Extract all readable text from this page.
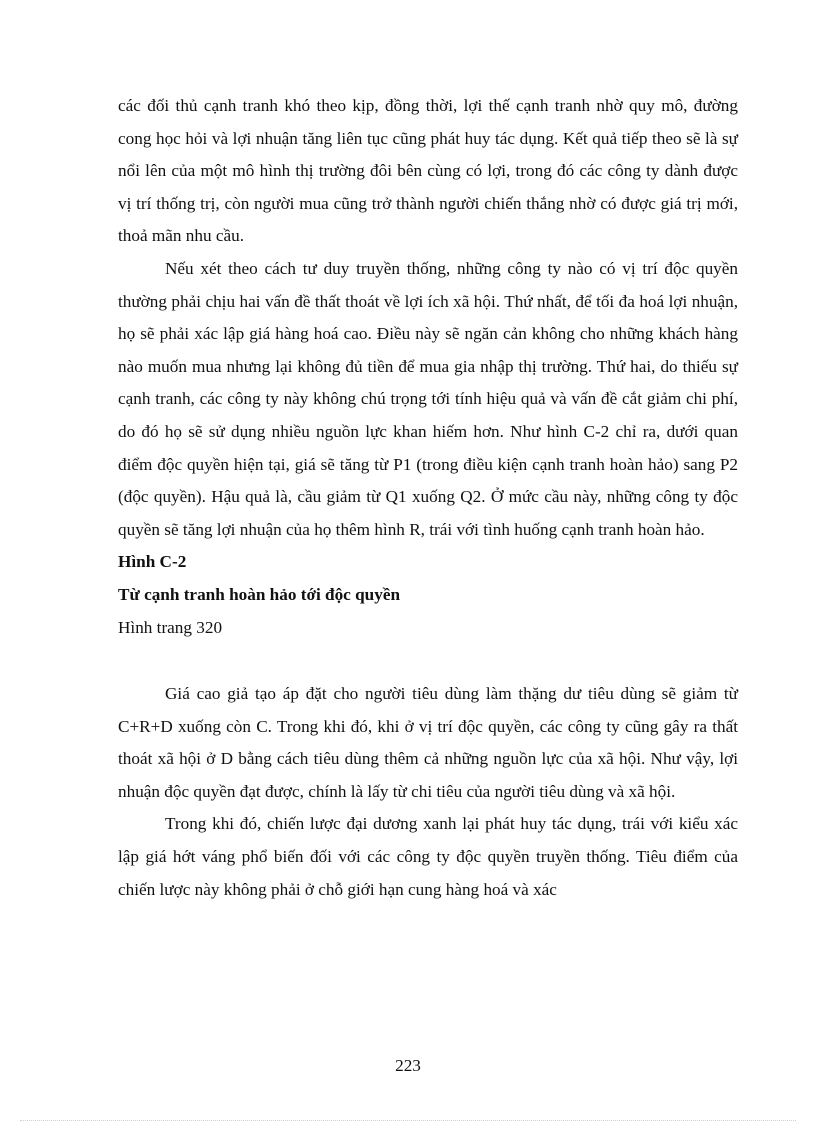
các đối thủ cạnh tranh khó theo kịp, đồng thời, lợi thế cạnh tranh nhờ quy mô, đường cong học hỏi và lợi nhuận tăng liên tục cũng phát huy tác dụng. Kết quả tiếp theo sẽ là sự nổi lên của một mô hình thị trường đôi bên cùng có lợi, trong đó các công ty dành được vị trí thống trị, còn người mua cũng trở thành người chiến thắng nhờ có được giá trị mới, thoả mãn nhu cầu.

Nếu xét theo cách tư duy truyền thống, những công ty nào có vị trí độc quyền thường phải chịu hai vấn đề thất thoát về lợi ích xã hội. Thứ nhất, để tối đa hoá lợi nhuận, họ sẽ phải xác lập giá hàng hoá cao. Điều này sẽ ngăn cản không cho những khách hàng nào muốn mua nhưng lại không đủ tiền để mua gia nhập thị trường. Thứ hai, do thiếu sự cạnh tranh, các công ty này không chú trọng tới tính hiệu quả và vấn đề cắt giảm chi phí, do đó họ sẽ sử dụng nhiều nguồn lực khan hiếm hơn. Như hình C-2 chỉ ra, dưới quan điểm độc quyền hiện tại, giá sẽ tăng từ P1 (trong điều kiện cạnh tranh hoàn hảo) sang P2 (độc quyền). Hậu quả là, cầu giảm từ Q1 xuống Q2. Ở mức cầu này, những công ty độc quyền sẽ tăng lợi nhuận của họ thêm hình R, trái với tình huống cạnh tranh hoàn hảo.

Hình C-2

Từ cạnh tranh hoàn hảo tới độc quyền

Hình trang 320

Giá cao giả tạo áp đặt cho người tiêu dùng làm thặng dư tiêu dùng sẽ giảm từ C+R+D xuống còn C. Trong khi đó, khi ở vị trí độc quyền, các công ty cũng gây ra thất thoát xã hội ở D bằng cách tiêu dùng thêm cả những nguồn lực của xã hội. Như vậy, lợi nhuận độc quyền đạt được, chính là lấy từ chi tiêu của người tiêu dùng và xã hội.

Trong khi đó, chiến lược đại dương xanh lại phát huy tác dụng, trái với kiểu xác lập giá hớt váng phổ biến đối với các công ty độc quyền truyền thống. Tiêu điểm của chiến lược này không phải ở chỗ giới hạn cung hàng hoá và xác

223
